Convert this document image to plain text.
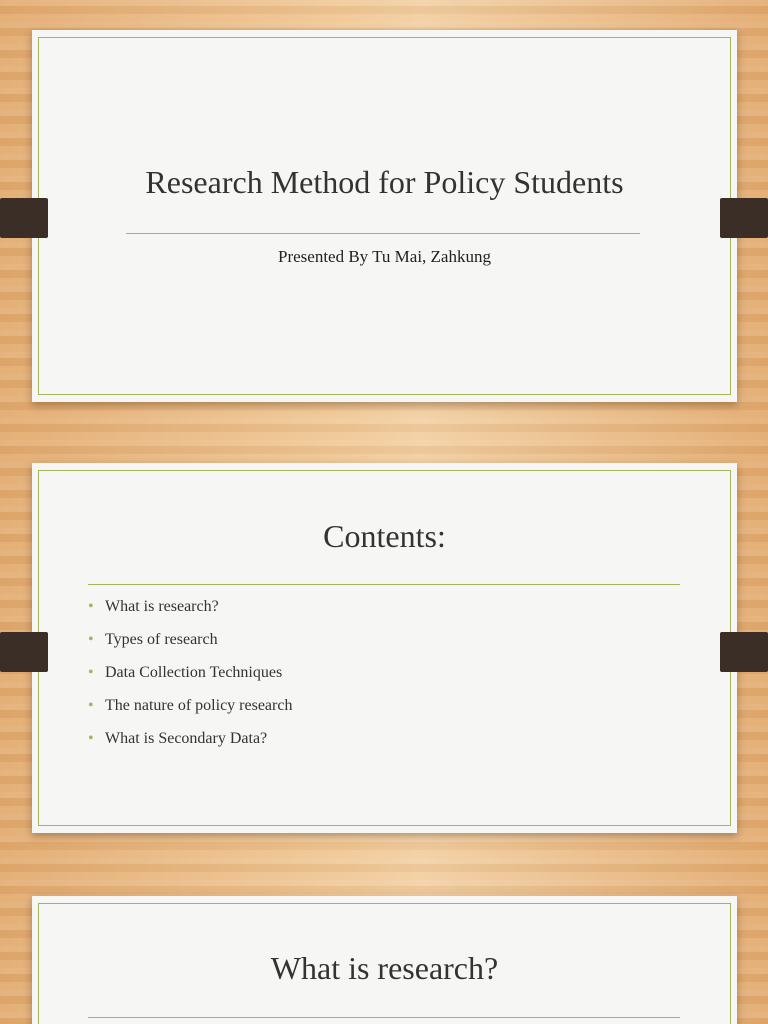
Research Method for Policy Students
Presented By Tu Mai, Zahkung
Contents:
• What is research?
• Types of research
• Data Collection Techniques
• The nature of policy research
• What is Secondary Data?
What is research?
